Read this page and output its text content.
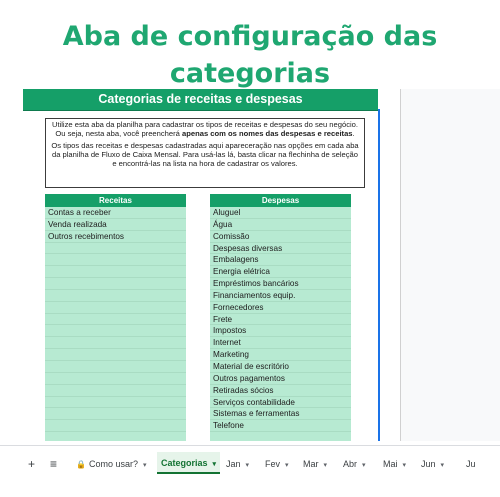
Aba de configuração das
categorias
Categorias de receitas e despesas

Utilize esta aba da planilha para cadastrar os tipos de receitas e despesas do seu negócio. Ou seja, nesta aba, você preencherá apenas com os nomes das despesas e receitas.

Os tipos das receitas e despesas cadastradas aqui apareceração nas opções em cada aba da planilha de Fluxo de Caixa Mensal. Para usá-las lá, basta clicar na flechinha de seleção e encontrá-las na lista na hora de cadastrar os valores.

Receitas
Contas a receber
Venda realizada
Outros recebimentos
Despesas
Aluguel
Água
Comissão
Despesas diversas
Embalagens
Energia elétrica
Empréstimos bancários
Financiamentos equip.
Fornecedores
Frete
Impostos
Internet
Marketing
Material de escritório
Outros pagamentos
Retiradas sócios
Serviços contabilidade
Sistemas e ferramentas
Telefone
+ ≡ 🔒 Como usar? ▾	Categorias ▾	Jan ▾ Fev ▾ Mar ▾ Abr ▾ Mai ▾ Jun ▾ Ju
